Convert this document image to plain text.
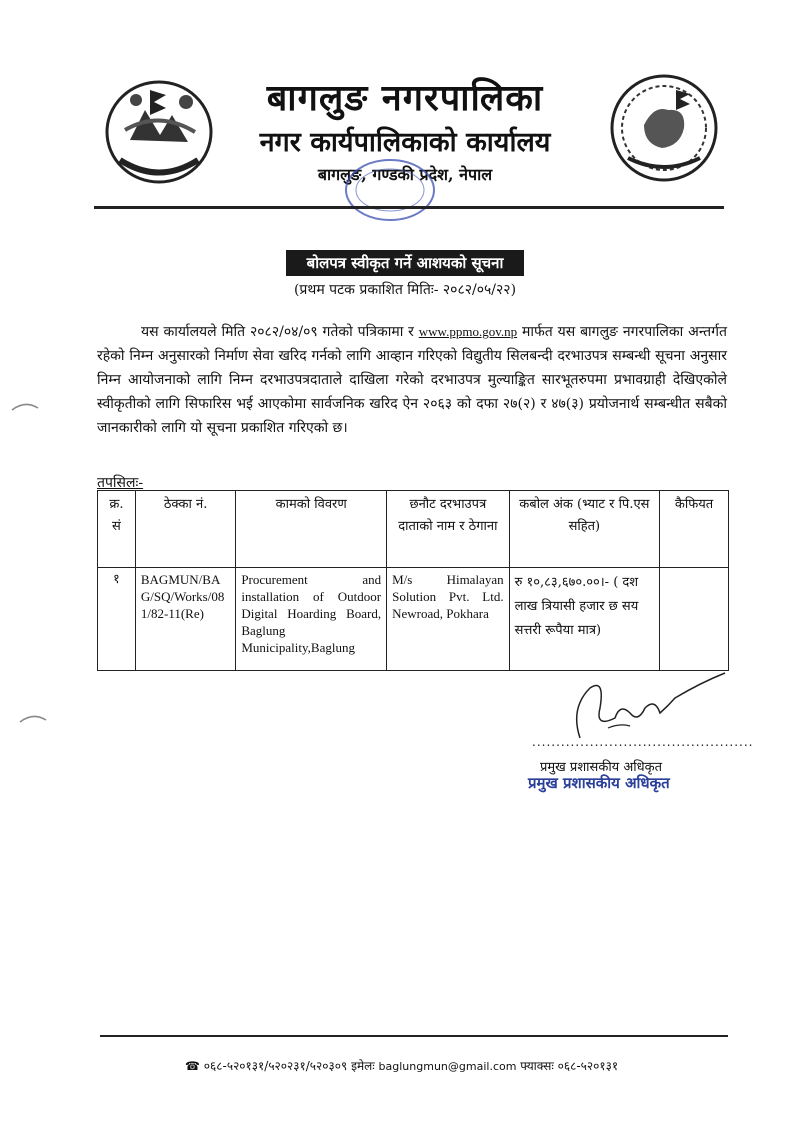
बागलुङ नगरपालिका
नगर कार्यपालिकाको कार्यालय
बागलुङ, गण्डकी प्रदेश, नेपाल
बोलपत्र स्वीकृत गर्ने आशयको सूचना
(प्रथम पटक प्रकाशित मितिः- २०८२/०५/२२)
यस कार्यालयले मिति २०८२/०४/०९ गतेको पत्रिकामा र www.ppmo.gov.np मार्फत यस बागलुङ नगरपालिका अन्तर्गत रहेको निम्न अनुसारको निर्माण सेवा खरिद गर्नको लागि आव्हान गरिएको विद्युतीय सिलबन्दी दरभाउपत्र सम्बन्धी सूचना अनुसार निम्न आयोजनाको लागि निम्न दरभाउपत्रदाताले दाखिला गरेको दरभाउपत्र मुल्याङ्कित सारभूतरुपमा प्रभावग्राही देखिएकोले स्वीकृतीको लागि सिफारिस भई आएकोमा सार्वजनिक खरिद ऐन २०६३ को दफा २७(२) र ४७(३) प्रयोजनार्थ सम्बन्धीत सबैको जानकारीको लागि यो सूचना प्रकाशित गरिएको छ।
तपसिलः-
क्र. सं	ठेक्का नं.	कामको विवरण	छनौट दरभाउपत्र दाताको नाम र ठेगाना	कबोल अंक (भ्याट र पि.एस सहित)	कैफियत
१	BAGMUN/BAG/SQ/Works/081/82-11(Re)	Procurement and installation of Outdoor Digital Hoarding Board, Baglung Municipality,Baglung	M/s Himalayan Solution Pvt. Ltd. Newroad, Pokhara	रु १०,८३,६७०.००।- ( दश लाख त्रियासी हजार छ सय सत्तरी रूपैया मात्र)	
..............................................
प्रमुख प्रशासकीय अधिकृत
प्रमुख प्रशासकीय अधिकृत
☎ ०६८-५२०१३१/५२०२३१/५२०३०९ इमेलः baglungmun@gmail.com फ्याक्सः ०६८-५२०१३१
